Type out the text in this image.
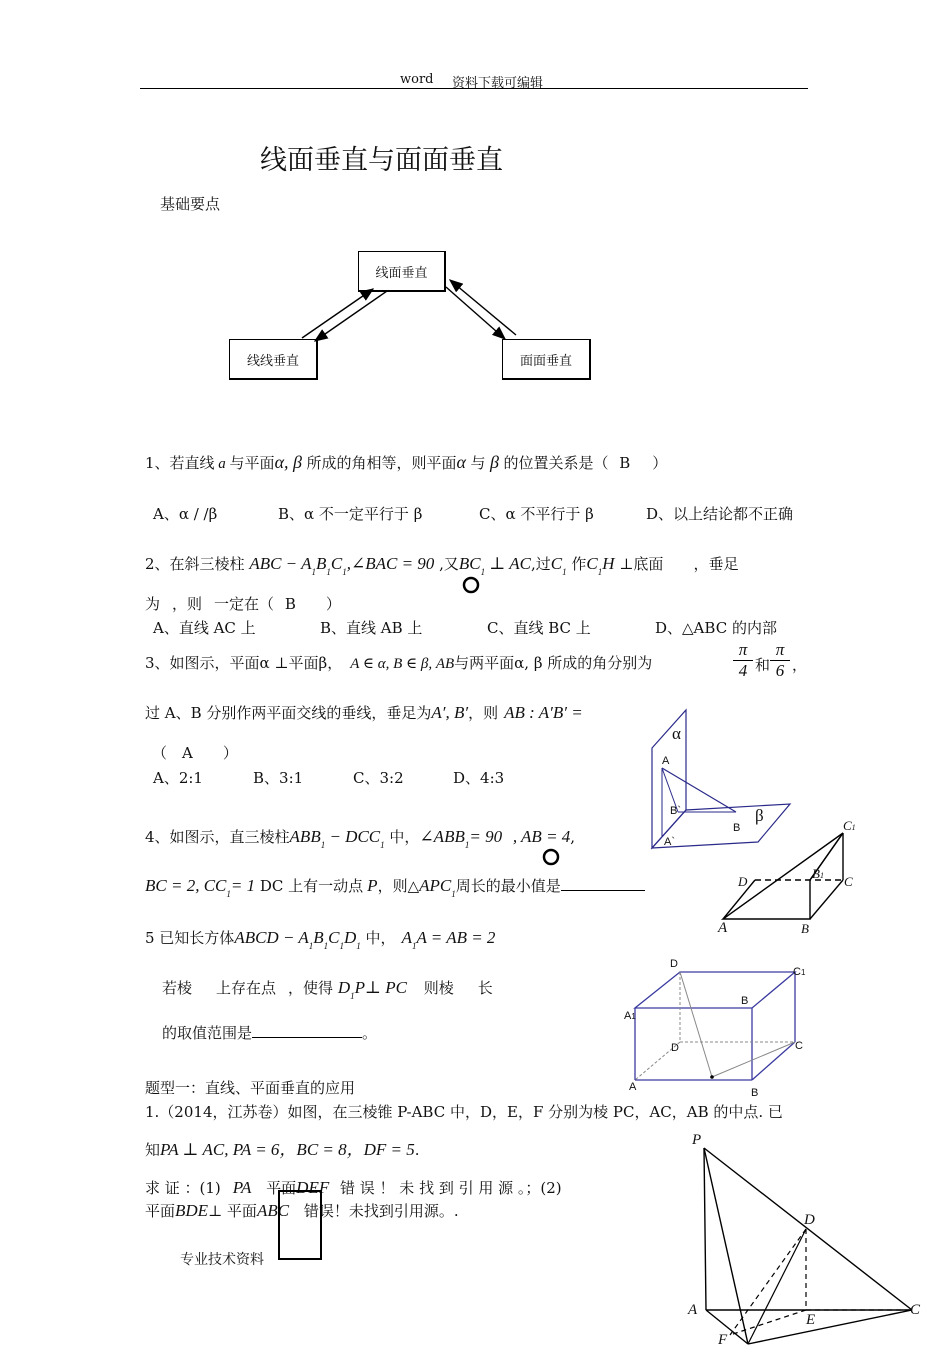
word 资料下载可编辑
线面垂直与面面垂直
基础要点
线面垂直
线线垂直	面面垂直
1、若直线 a 与平面α, β 所成的角相等，则平面α 与 β 的位置关系是（ B ）
A、α / /β	B、α 不一定平行于 β	C、α 不平行于 β	D、以上结论都不正确
2、在斜三棱柱 ABC − $A_1B_1C_1,\angle BAC = 90$ ,又$BC_1$ ⊥ AC,过$C_1$ 作$C_1H$ ⊥底面 ，垂足
为 ，则 一定在（ B ）
A、直线 AC 上	B、直线 AB 上	C、直线 BC 上	D、△ABC 的内部
3、如图示，平面α ⊥平面β， A ∈ α, B ∈ β, AB与两平面α, β 所成的角分别为
π
4 和
π
6 ，
过 A、B 分别作两平面交线的垂线，垂足为A′, B′，则 AB : A′B′ =
（　A　　）
A、2:1	B、3:1	C、3:2	D、4:3
α
β
A
B
B`
A`
4、如图示，直三棱柱$ABB_1 - DCC_1$ 中，$\angle ABB_1= 90$ , AB = 4,
BC = 2, $CC_1= 1$ DC 上有一动点 P，则$\triangle APC_1$周长的最小值是
C1
D
B1 C
A	B
5 已知长方体ABCD − $A_1B_1C_1D_1$ 中， $A_1A$ = AB = 2
若棱 上存在点 ，使得 $D_1P\perp$ PC 则棱 长
的取值范围是	。
D
C1
B
A1
D	C
A	B
题型一：直线、平面垂直的应用
1.（2014，江苏卷）如图，在三棱锥 P-ABC 中，D，E，F 分别为棱 PC，AC，AB 的中点. 已
知PA ⊥ AC, PA = 6，BC = 8，DF = 5.
求 证 ：(1) PA 平面DEF 错 误 ！ 未 找 到 引 用 源 。；(2)
平面BDE⊥ 平面ABC 错误！未找到引用源。.
专业技术资料
P
D
A
E
C
F
